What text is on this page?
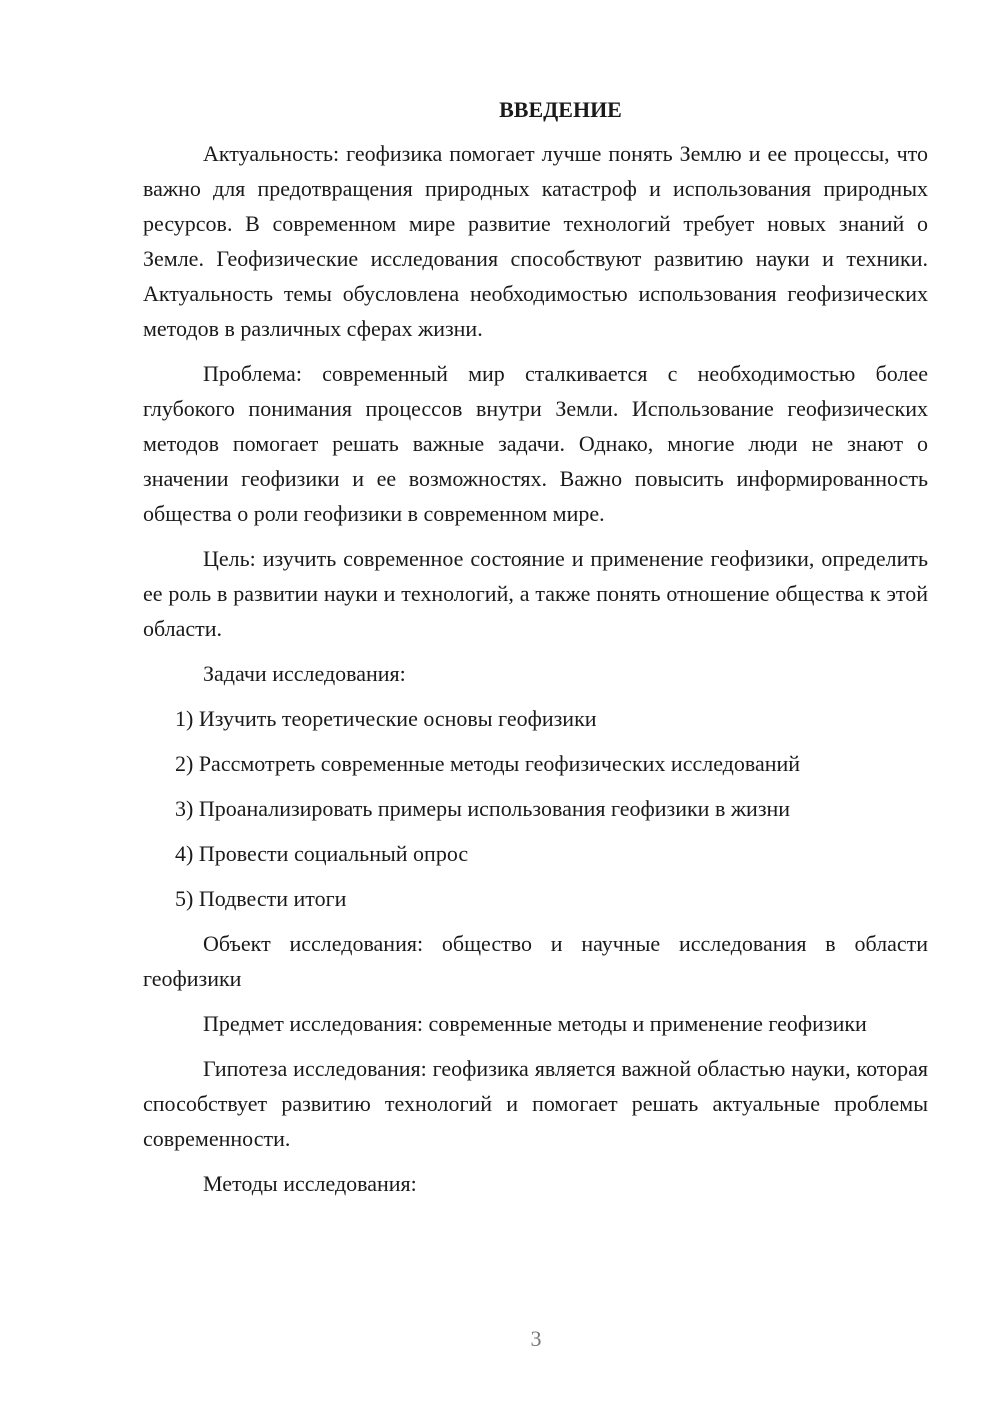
ВВЕДЕНИЕ

Актуальность: геофизика помогает лучше понять Землю и ее процессы, что важно для предотвращения природных катастроф и использования природных ресурсов. В современном мире развитие технологий требует новых знаний о Земле. Геофизические исследования способствуют развитию науки и техники. Актуальность темы обусловлена необходимостью использования геофизических методов в различных сферах жизни.

Проблема: современный мир сталкивается с необходимостью более глубокого понимания процессов внутри Земли. Использование геофизических методов помогает решать важные задачи. Однако, многие люди не знают о значении геофизики и ее возможностях. Важно повысить информированность общества о роли геофизики в современном мире.

Цель: изучить современное состояние и применение геофизики, определить ее роль в развитии науки и технологий, а также понять отношение общества к этой области.

Задачи исследования:

1) Изучить теоретические основы геофизики
2) Рассмотреть современные методы геофизических исследований
3) Проанализировать примеры использования геофизики в жизни
4) Провести социальный опрос
5) Подвести итоги

Объект исследования: общество и научные исследования в области геофизики

Предмет исследования: современные методы и применение геофизики

Гипотеза исследования: геофизика является важной областью науки, которая способствует развитию технологий и помогает решать актуальные проблемы современности.

Методы исследования:

3
